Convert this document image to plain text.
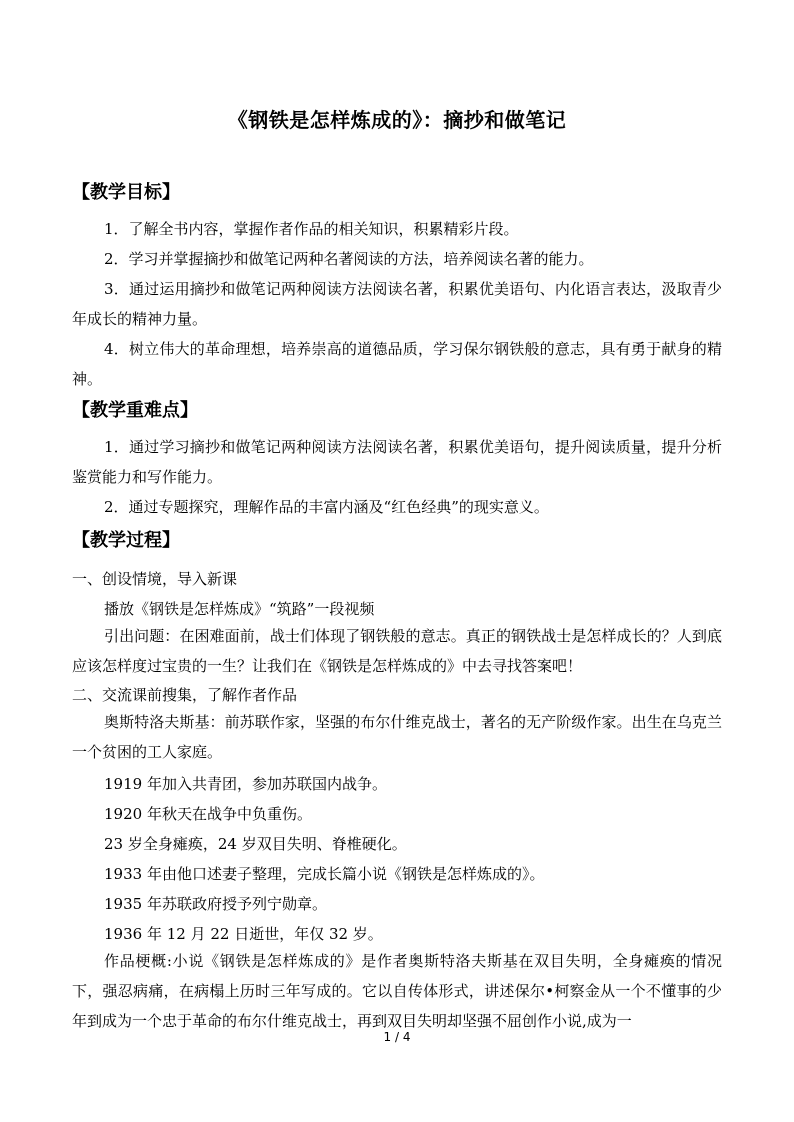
《钢铁是怎样炼成的》：摘抄和做笔记
【教学目标】
1．了解全书内容，掌握作者作品的相关知识，积累精彩片段。
2．学习并掌握摘抄和做笔记两种名著阅读的方法，培养阅读名著的能力。
3．通过运用摘抄和做笔记两种阅读方法阅读名著，积累优美语句、内化语言表达，汲取青少年成长的精神力量。
4．树立伟大的革命理想，培养崇高的道德品质，学习保尔钢铁般的意志，具有勇于献身的精神。
【教学重难点】
1．通过学习摘抄和做笔记两种阅读方法阅读名著，积累优美语句，提升阅读质量，提升分析鉴赏能力和写作能力。
2．通过专题探究，理解作品的丰富内涵及“红色经典”的现实意义。
【教学过程】
一、创设情境，导入新课
播放《钢铁是怎样炼成》“筑路”一段视频
引出问题：在困难面前，战士们体现了钢铁般的意志。真正的钢铁战士是怎样成长的？人到底应该怎样度过宝贵的一生？让我们在《钢铁是怎样炼成的》中去寻找答案吧！
二、交流课前搜集，了解作者作品
奥斯特洛夫斯基：前苏联作家，坚强的布尔什维克战士，著名的无产阶级作家。出生在乌克兰一个贫困的工人家庭。
1919 年加入共青团，参加苏联国内战争。
1920 年秋天在战争中负重伤。
23 岁全身瘫痪，24 岁双目失明、脊椎硬化。
1933 年由他口述妻子整理，完成长篇小说《钢铁是怎样炼成的》。
1935 年苏联政府授予列宁勋章。
1936 年 12 月 22 日逝世，年仅 32 岁。
作品梗概:小说《钢铁是怎样炼成的》是作者奥斯特洛夫斯基在双目失明，全身瘫痪的情况下，强忍病痛，在病榻上历时三年写成的。它以自传体形式，讲述保尔•柯察金从一个不懂事的少年到成为一个忠于革命的布尔什维克战士，再到双目失明却坚强不屈创作小说,成为一
1 / 4
